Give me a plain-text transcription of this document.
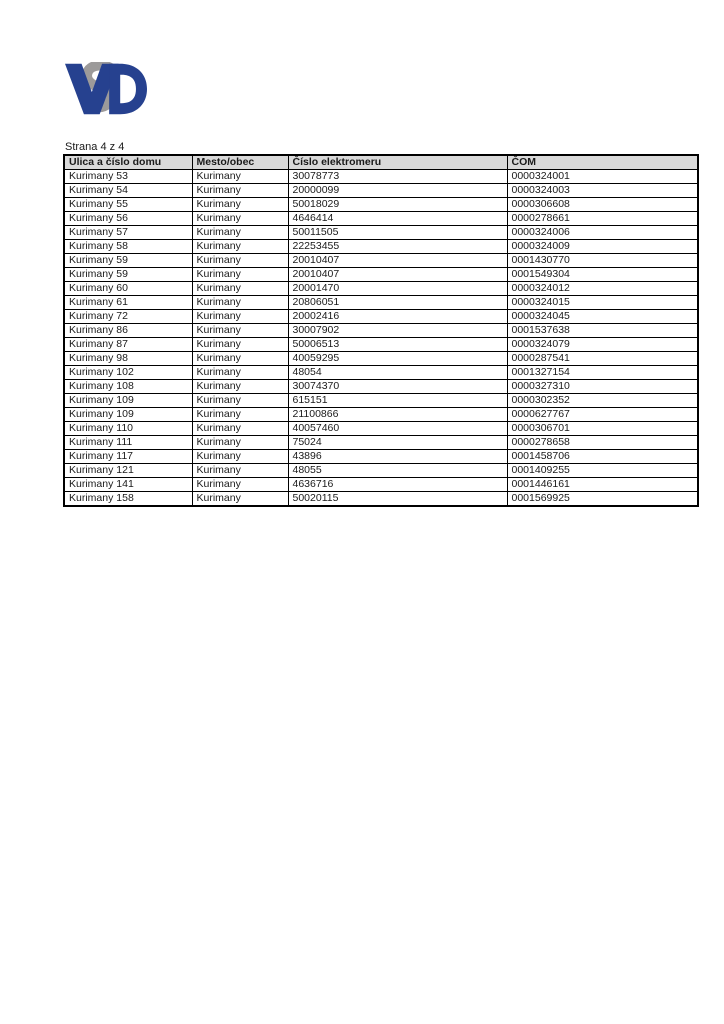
Strana 4 z 4
Ulica a číslo domu	Mesto/obec	Číslo elektromeru	ČOM
Kurimany 53	Kurimany	30078773	0000324001
Kurimany 54	Kurimany	20000099	0000324003
Kurimany 55	Kurimany	50018029	0000306608
Kurimany 56	Kurimany	4646414	0000278661
Kurimany 57	Kurimany	50011505	0000324006
Kurimany 58	Kurimany	22253455	0000324009
Kurimany 59	Kurimany	20010407	0001430770
Kurimany 59	Kurimany	20010407	0001549304
Kurimany 60	Kurimany	20001470	0000324012
Kurimany 61	Kurimany	20806051	0000324015
Kurimany 72	Kurimany	20002416	0000324045
Kurimany 86	Kurimany	30007902	0001537638
Kurimany 87	Kurimany	50006513	0000324079
Kurimany 98	Kurimany	40059295	0000287541
Kurimany 102	Kurimany	48054	0001327154
Kurimany 108	Kurimany	30074370	0000327310
Kurimany 109	Kurimany	615151	0000302352
Kurimany 109	Kurimany	21100866	0000627767
Kurimany 110	Kurimany	40057460	0000306701
Kurimany 111	Kurimany	75024	0000278658
Kurimany 117	Kurimany	43896	0001458706
Kurimany 121	Kurimany	48055	0001409255
Kurimany 141	Kurimany	4636716	0001446161
Kurimany 158	Kurimany	50020115	0001569925
